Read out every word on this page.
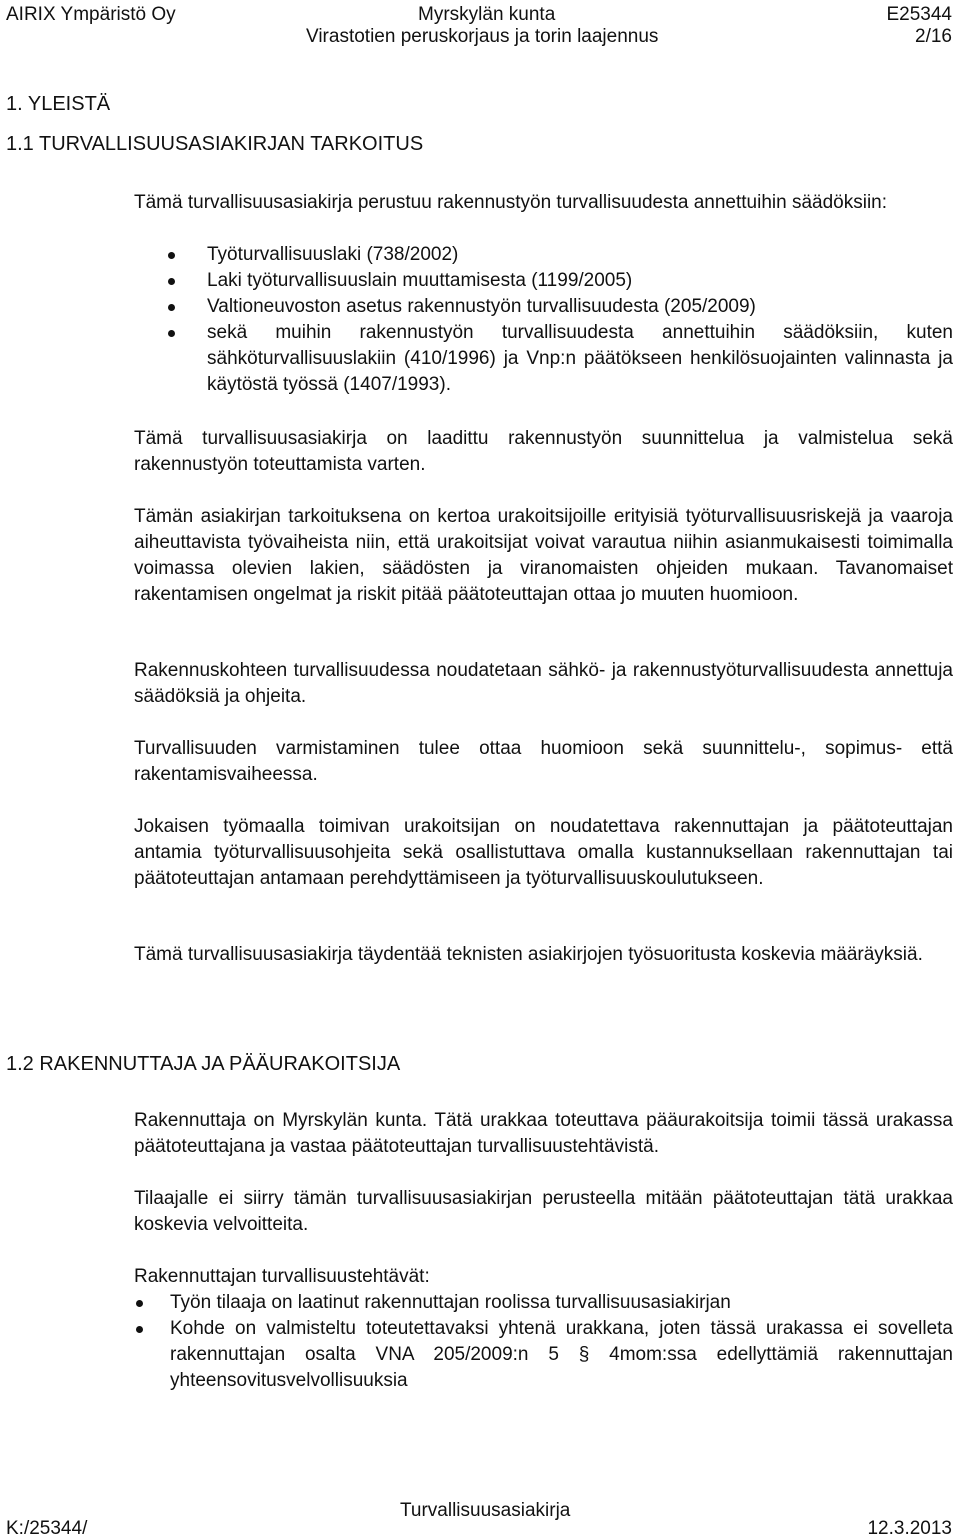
AIRIX Ympäristö Oy	Myrskylän kunta	E25344
Virastotien peruskorjaus ja torin laajennus	2/16
1. YLEISTÄ
1.1 TURVALLISUUSASIAKIRJAN TARKOITUS

Tämä turvallisuusasiakirja perustuu rakennustyön turvallisuudesta annettuihin säädöksiin:

Työturvallisuuslaki (738/2002)
Laki työturvallisuuslain muuttamisesta (1199/2005)
Valtioneuvoston asetus rakennustyön turvallisuudesta (205/2009)
sekä muihin rakennustyön turvallisuudesta annettuihin säädöksiin, kuten sähköturvallisuuslakiin (410/1996) ja Vnp:n päätökseen henkilösuojainten valinnasta ja käytöstä työssä (1407/1993).

Tämä turvallisuusasiakirja on laadittu rakennustyön suunnittelua ja valmistelua sekä rakennustyön toteuttamista varten.

Tämän asiakirjan tarkoituksena on kertoa urakoitsijoille erityisiä työturvallisuusriskejä ja vaaroja aiheuttavista työvaiheista niin, että urakoitsijat voivat varautua niihin asianmukaisesti toimimalla voimassa olevien lakien, säädösten ja viranomaisten ohjeiden mukaan. Tavanomaiset rakentamisen ongelmat ja riskit pitää päätoteuttajan ottaa jo muuten huomioon.

Rakennuskohteen turvallisuudessa noudatetaan sähkö- ja rakennustyöturvallisuudesta annettuja säädöksiä ja ohjeita.

Turvallisuuden varmistaminen tulee ottaa huomioon sekä suunnittelu-, sopimus- että rakentamisvaiheessa.

Jokaisen työmaalla toimivan urakoitsijan on noudatettava rakennuttajan ja päätoteuttajan antamia työturvallisuusohjeita sekä osallistuttava omalla kustannuksellaan rakennuttajan tai päätoteuttajan antamaan perehdyttämiseen ja työturvallisuuskoulutukseen.

Tämä turvallisuusasiakirja täydentää teknisten asiakirjojen työsuoritusta koskevia määräyksiä.

1.2 RAKENNUTTAJA JA PÄÄURAKOITSIJA

Rakennuttaja on Myrskylän kunta. Tätä urakkaa toteuttava pääurakoitsija toimii tässä urakassa päätoteuttajana ja vastaa päätoteuttajan turvallisuustehtävistä.

Tilaajalle ei siirry tämän turvallisuusasiakirjan perusteella mitään päätoteuttajan tätä urakkaa koskevia velvoitteita.

Rakennuttajan turvallisuustehtävät:

Työn tilaaja on laatinut rakennuttajan roolissa turvallisuusasiakirjan
Kohde on valmisteltu toteutettavaksi yhtenä urakkana, joten tässä urakassa ei sovelleta rakennuttajan osalta VNA 205/2009:n 5 § 4mom:ssa edellyttämiä rakennuttajan yhteensovitusvelvollisuuksia
Turvallisuusasiakirja
K:/25344/	12.3.2013
